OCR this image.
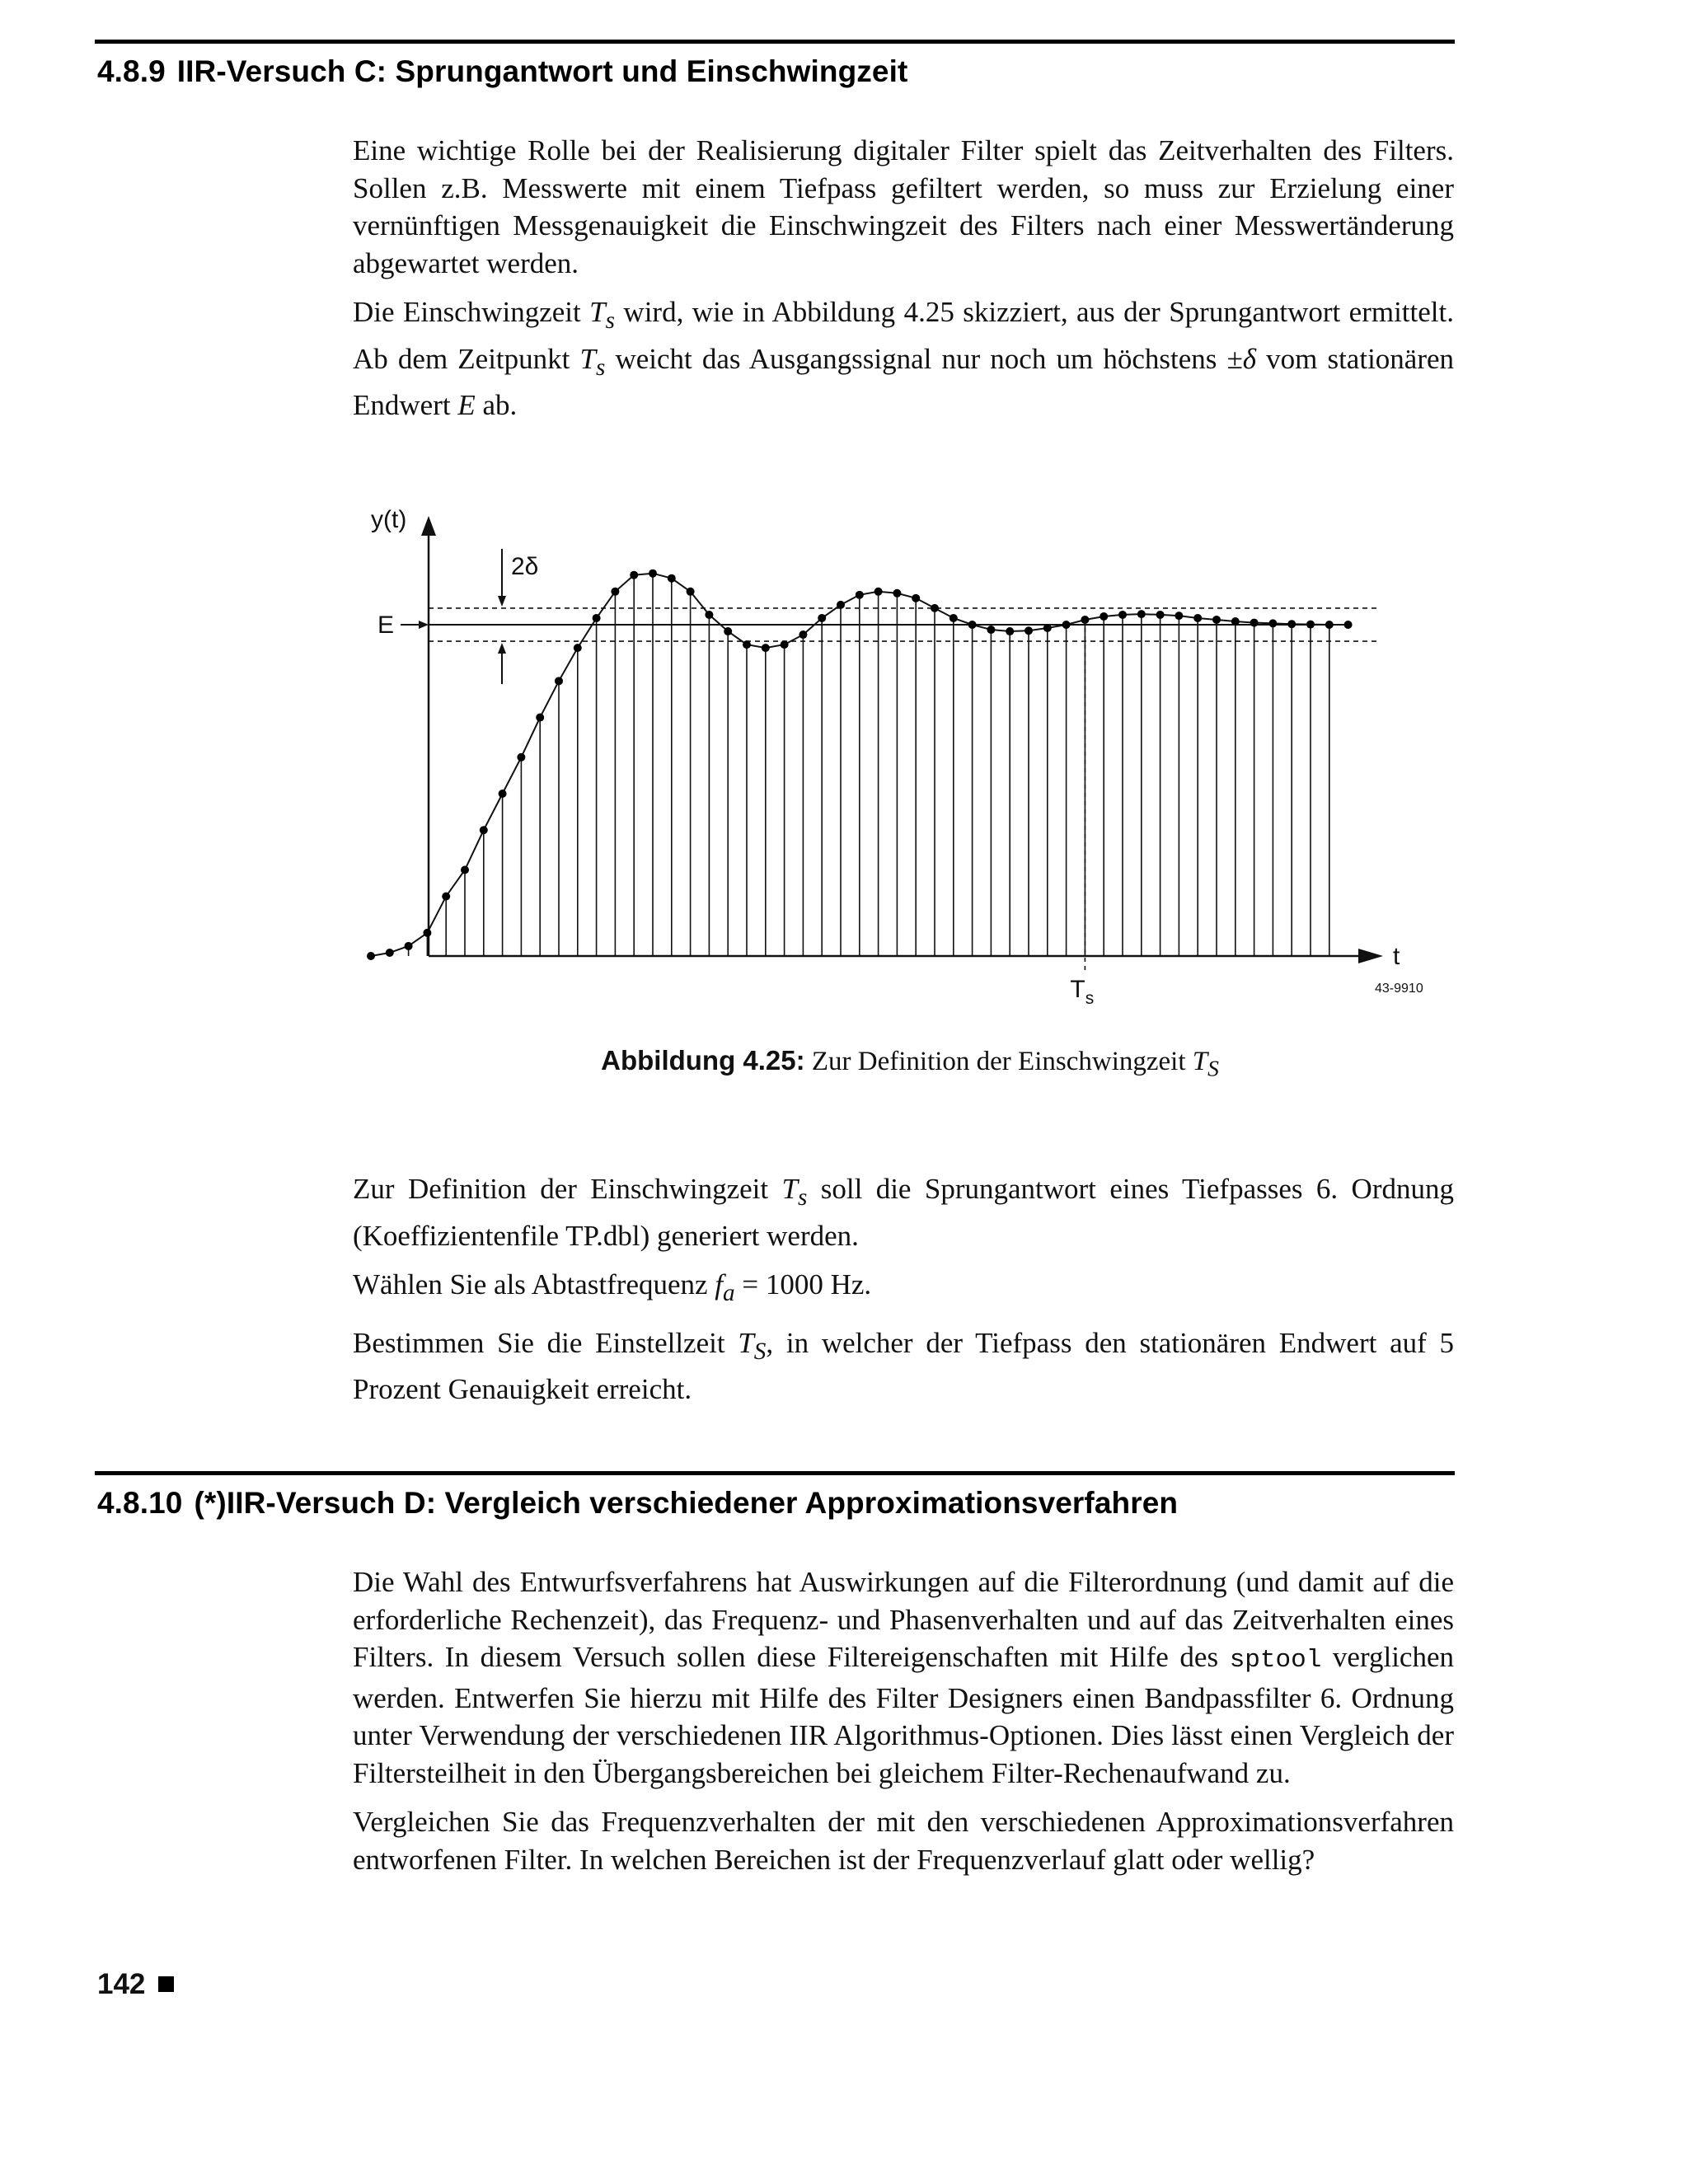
4.8.9 IIR-Versuch C: Sprungantwort und Einschwingzeit

Eine wichtige Rolle bei der Realisierung digitaler Filter spielt das Zeitverhalten des Filters. Sollen z.B. Messwerte mit einem Tiefpass gefiltert werden, so muss zur Erzielung einer vernünftigen Messgenauigkeit die Einschwingzeit des Filters nach einer Messwertänderung abgewartet werden.

Die Einschwingzeit $T_s$ wird, wie in Abbildung 4.25 skizziert, aus der Sprungantwort ermittelt. Ab dem Zeitpunkt $T_s$ weicht das Ausgangssignal nur noch um höchstens ±δ vom stationären Endwert E ab.

y(t)
t
E
2δ
$T_s$
43-9910
Abbildung 4.25: Zur Definition der Einschwingzeit $T_S$

Zur Definition der Einschwingzeit $T_s$ soll die Sprungantwort eines Tiefpasses 6. Ordnung (Koeffizientenfile TP.dbl) generiert werden.

Wählen Sie als Abtastfrequenz $f_a = 1000$ Hz.

Bestimmen Sie die Einstellzeit $T_S$, in welcher der Tiefpass den stationären Endwert auf 5 Prozent Genauigkeit erreicht.

4.8.10 (*)IIR-Versuch D: Vergleich verschiedener Approximationsverfahren

Die Wahl des Entwurfsverfahrens hat Auswirkungen auf die Filterordnung (und damit auf die erforderliche Rechenzeit), das Frequenz- und Phasenverhalten und auf das Zeitverhalten eines Filters. In diesem Versuch sollen diese Filtereigenschaften mit Hilfe des sptool verglichen werden. Entwerfen Sie hierzu mit Hilfe des Filter Designers einen Bandpassfilter 6. Ordnung unter Verwendung der verschiedenen IIR Algorithmus-Optionen. Dies lässt einen Vergleich der Filtersteilheit in den Übergangsbereichen bei gleichem Filter-Rechenaufwand zu.

Vergleichen Sie das Frequenzverhalten der mit den verschiedenen Approximationsverfahren entworfenen Filter. In welchen Bereichen ist der Frequenzverlauf glatt oder wellig?

142
